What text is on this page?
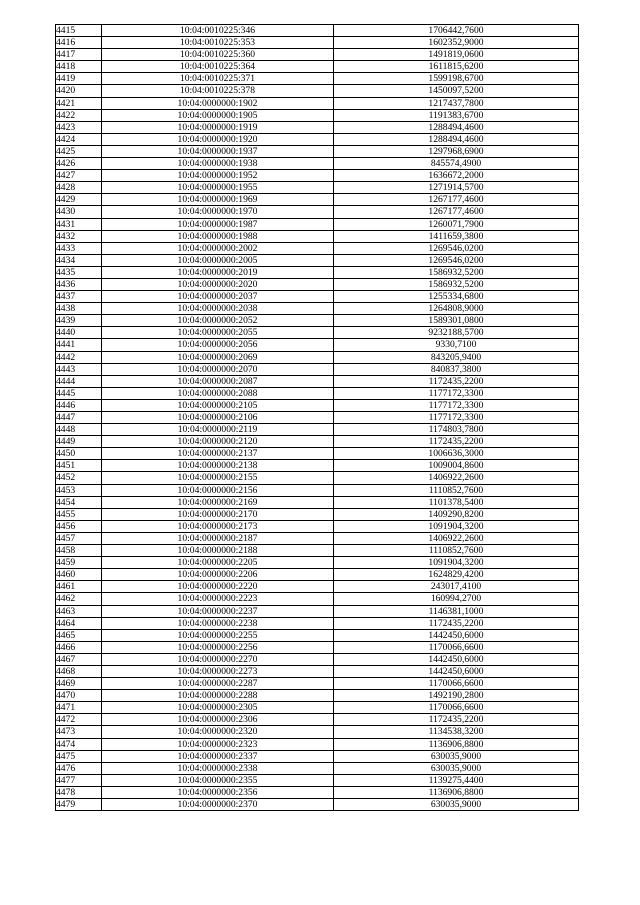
4415	10:04:0010225:346	1706442,7600
4416	10:04:0010225:353	1602352,9000
4417	10:04:0010225:360	1491819,0600
4418	10:04:0010225:364	1611815,6200
4419	10:04:0010225:371	1599198,6700
4420	10:04:0010225:378	1450097,5200
4421	10:04:0000000:1902	1217437,7800
4422	10:04:0000000:1905	1191383,6700
4423	10:04:0000000:1919	1288494,4600
4424	10:04:0000000:1920	1288494,4600
4425	10:04:0000000:1937	1297968,6900
4426	10:04:0000000:1938	845574,4900
4427	10:04:0000000:1952	1636672,2000
4428	10:04:0000000:1955	1271914,5700
4429	10:04:0000000:1969	1267177,4600
4430	10:04:0000000:1970	1267177,4600
4431	10:04:0000000:1987	1260071,7900
4432	10:04:0000000:1988	1411659,3800
4433	10:04:0000000:2002	1269546,0200
4434	10:04:0000000:2005	1269546,0200
4435	10:04:0000000:2019	1586932,5200
4436	10:04:0000000:2020	1586932,5200
4437	10:04:0000000:2037	1255334,6800
4438	10:04:0000000:2038	1264808,9000
4439	10:04:0000000:2052	1589301,0800
4440	10:04:0000000:2055	9232188,5700
4441	10:04:0000000:2056	9330,7100
4442	10:04:0000000:2069	843205,9400
4443	10:04:0000000:2070	840837,3800
4444	10:04:0000000:2087	1172435,2200
4445	10:04:0000000:2088	1177172,3300
4446	10:04:0000000:2105	1177172,3300
4447	10:04:0000000:2106	1177172,3300
4448	10:04:0000000:2119	1174803,7800
4449	10:04:0000000:2120	1172435,2200
4450	10:04:0000000:2137	1006636,3000
4451	10:04:0000000:2138	1009004,8600
4452	10:04:0000000:2155	1406922,2600
4453	10:04:0000000:2156	1110852,7600
4454	10:04:0000000:2169	1101378,5400
4455	10:04:0000000:2170	1409290,8200
4456	10:04:0000000:2173	1091904,3200
4457	10:04:0000000:2187	1406922,2600
4458	10:04:0000000:2188	1110852,7600
4459	10:04:0000000:2205	1091904,3200
4460	10:04:0000000:2206	1624829,4200
4461	10:04:0000000:2220	243017,4100
4462	10:04:0000000:2223	160994,2700
4463	10:04:0000000:2237	1146381,1000
4464	10:04:0000000:2238	1172435,2200
4465	10:04:0000000:2255	1442450,6000
4466	10:04:0000000:2256	1170066,6600
4467	10:04:0000000:2270	1442450,6000
4468	10:04:0000000:2273	1442450,6000
4469	10:04:0000000:2287	1170066,6600
4470	10:04:0000000:2288	1492190,2800
4471	10:04:0000000:2305	1170066,6600
4472	10:04:0000000:2306	1172435,2200
4473	10:04:0000000:2320	1134538,3200
4474	10:04:0000000:2323	1136906,8800
4475	10:04:0000000:2337	630035,9000
4476	10:04:0000000:2338	630035,9000
4477	10:04:0000000:2355	1139275,4400
4478	10:04:0000000:2356	1136906,8800
4479	10:04:0000000:2370	630035,9000
